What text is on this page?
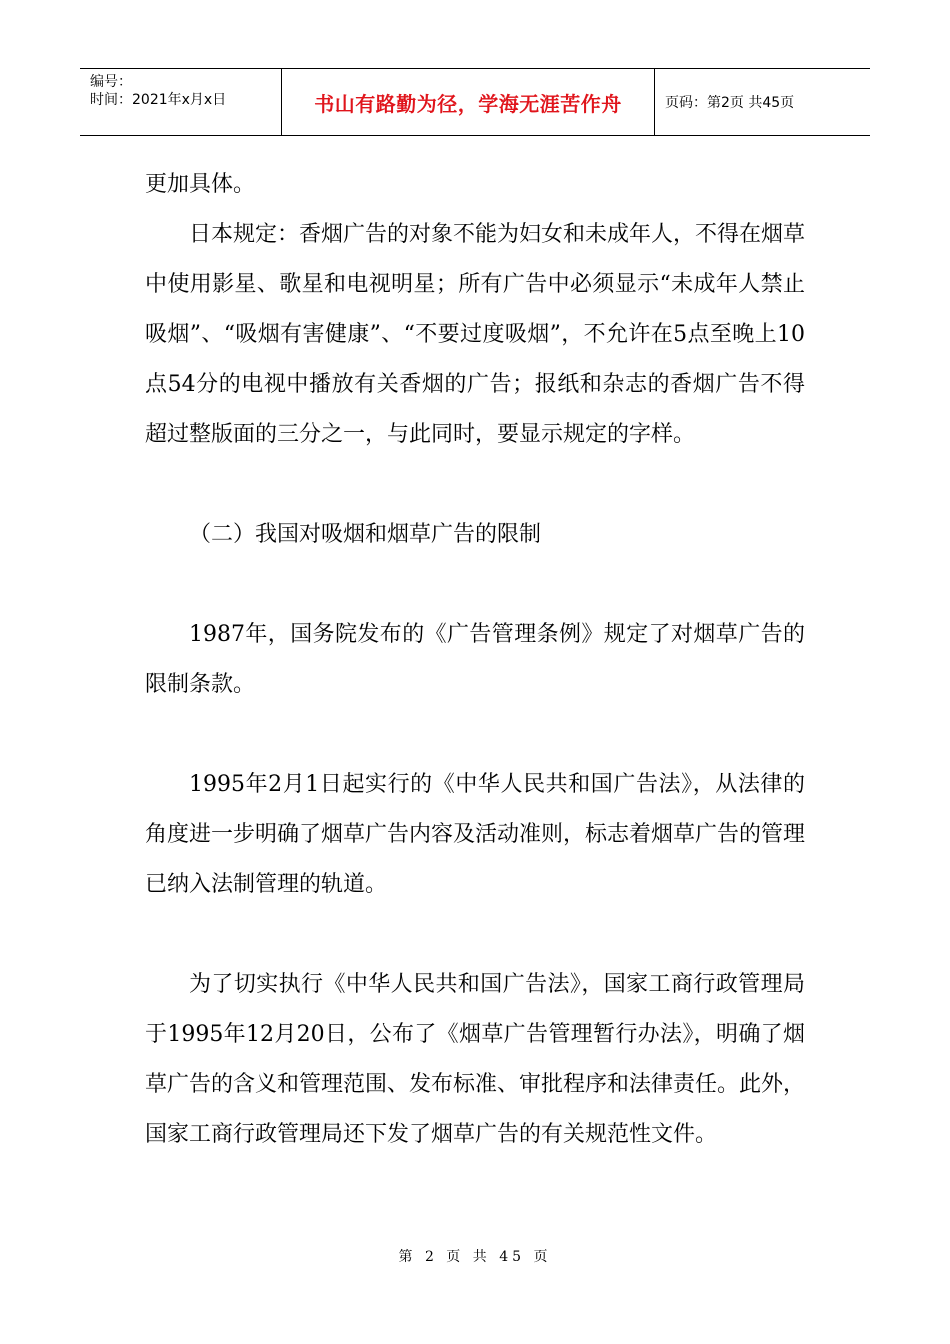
编号：
时间：2021年x月x日	书山有路勤为径，学海无涯苦作舟	页码：第2页 共45页

更加具体。

日本规定：香烟广告的对象不能为妇女和未成年人，不得在烟草中使用影星、歌星和电视明星；所有广告中必须显示“未成年人禁止吸烟”、“吸烟有害健康”、“不要过度吸烟”，不允许在5点至晚上10点54分的电视中播放有关香烟的广告；报纸和杂志的香烟广告不得超过整版面的三分之一，与此同时，要显示规定的字样。

（二）我国对吸烟和烟草广告的限制

1987年，国务院发布的《广告管理条例》规定了对烟草广告的限制条款。

1995年2月1日起实行的《中华人民共和国广告法》，从法律的角度进一步明确了烟草广告内容及活动准则，标志着烟草广告的管理已纳入法制管理的轨道。

为了切实执行《中华人民共和国广告法》，国家工商行政管理局于1995年12月20日，公布了《烟草广告管理暂行办法》，明确了烟草广告的含义和管理范围、发布标准、审批程序和法律责任。此外，国家工商行政管理局还下发了烟草广告的有关规范性文件。

第 2 页 共 45 页
